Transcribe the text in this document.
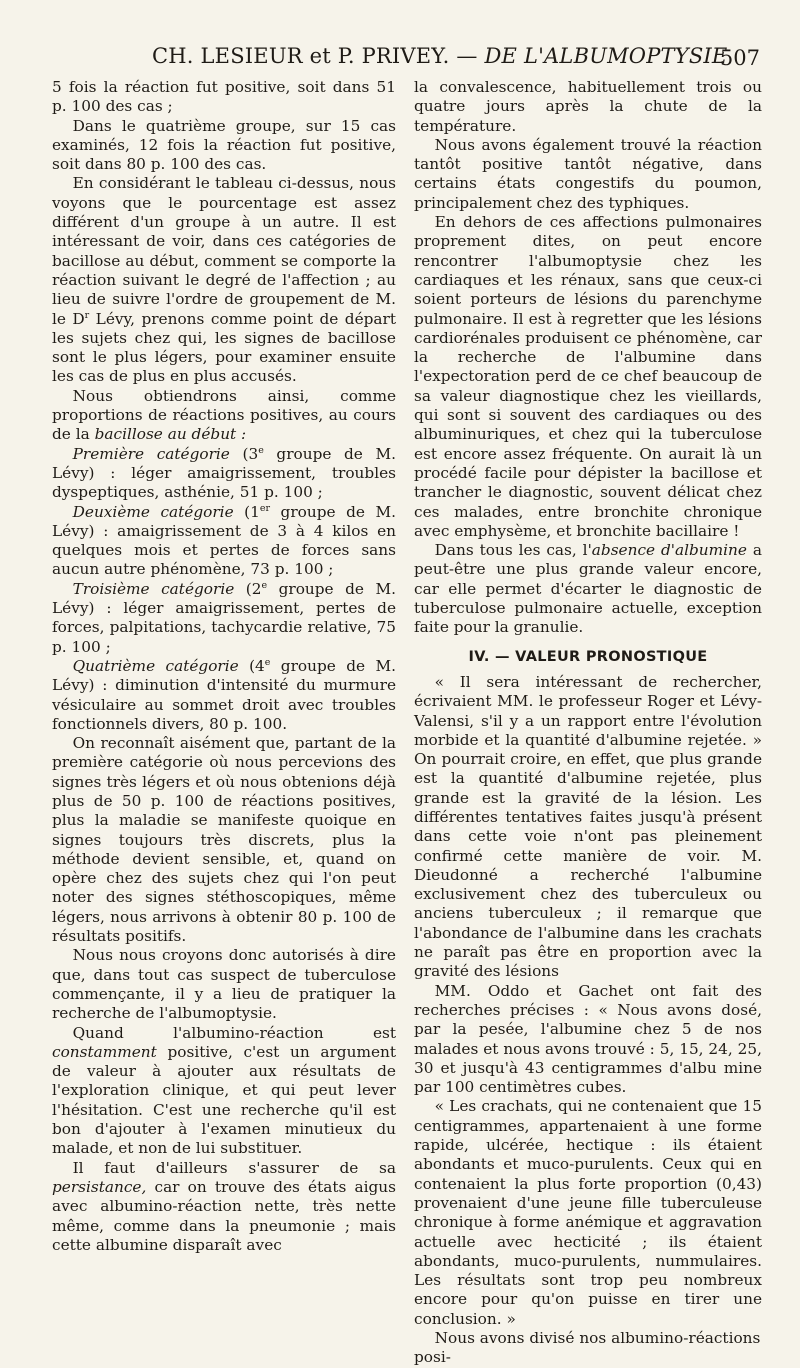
CH. LESIEUR et P. PRIVEY. — DE L'ALBUMOPTYSIE
507

5 fois la réaction fut positive, soit dans 51 p. 100 des cas ;

Dans le quatrième groupe, sur 15 cas examinés, 12 fois la réaction fut positive, soit dans 80 p. 100 des cas.

En considérant le tableau ci-dessus, nous voyons que le pourcentage est assez différent d'un groupe à un autre. Il est intéressant de voir, dans ces catégories de bacillose au début, comment se comporte la réaction suivant le degré de l'affection ; au lieu de suivre l'ordre de groupement de M. le $D^r$ Lévy, prenons comme point de départ les sujets chez qui, les signes de bacillose sont le plus légers, pour examiner ensuite les cas de plus en plus accusés.

Nous obtiendrons ainsi, comme proportions de réactions positives, au cours de la bacillose au début :

Première catégorie (3e groupe de M. Lévy) : léger amaigrissement, troubles dyspeptiques, asthénie, 51 p. 100 ;

Deuxième catégorie (1er groupe de M. Lévy) : amaigrissement de 3 à 4 kilos en quelques mois et pertes de forces sans aucun autre phénomène, 73 p. 100 ;

Troisième catégorie (2e groupe de M. Lévy) : léger amaigrissement, pertes de forces, palpitations, tachycardie relative, 75 p. 100 ;

Quatrième catégorie (4e groupe de M. Lévy) : diminution d'intensité du murmure vésiculaire au sommet droit avec troubles fonctionnels divers, 80 p. 100.

On reconnaît aisément que, partant de la première catégorie où nous percevions des signes très légers et où nous obtenions déjà plus de 50 p. 100 de réactions positives, plus la maladie se manifeste quoique en signes toujours très discrets, plus la méthode devient sensible, et, quand on opère chez des sujets chez qui l'on peut noter des signes stéthoscopiques, même légers, nous arrivons à obtenir 80 p. 100 de résultats positifs.

Nous nous croyons donc autorisés à dire que, dans tout cas suspect de tuberculose commençante, il y a lieu de pratiquer la recherche de l'albumoptysie.

Quand l'albumino-réaction est constamment positive, c'est un argument de valeur à ajouter aux résultats de l'exploration clinique, et qui peut lever l'hésitation. C'est une recherche qu'il est bon d'ajouter à l'examen minutieux du malade, et non de lui substituer.

Il faut d'ailleurs s'assurer de sa persistance, car on trouve des états aigus avec albumino-réaction nette, très nette même, comme dans la pneumonie ; mais cette albumine disparaît avec

la convalescence, habituellement trois ou quatre jours après la chute de la température.

Nous avons également trouvé la réaction tantôt positive tantôt négative, dans certains états congestifs du poumon, principalement chez des typhiques.

En dehors de ces affections pulmonaires proprement dites, on peut encore rencontrer l'albumoptysie chez les cardiaques et les rénaux, sans que ceux-ci soient porteurs de lésions du parenchyme pulmonaire. Il est à regretter que les lésions cardiorénales produisent ce phénomène, car la recherche de l'albumine dans l'expectoration perd de ce chef beaucoup de sa valeur diagnostique chez les vieillards, qui sont si souvent des cardiaques ou des albuminuriques, et chez qui la tuberculose est encore assez fréquente. On aurait là un procédé facile pour dépister la bacillose et trancher le diagnostic, souvent délicat chez ces malades, entre bronchite chronique avec emphysème, et bronchite bacillaire !

Dans tous les cas, l'absence d'albumine a peut-être une plus grande valeur encore, car elle permet d'écarter le diagnostic de tuberculose pulmonaire actuelle, exception faite pour la granulie.

IV. — VALEUR PRONOSTIQUE

« Il sera intéressant de rechercher, écrivaient MM. le professeur Roger et Lévy-Valensi, s'il y a un rapport entre l'évolution morbide et la quantité d'albumine rejetée. » On pourrait croire, en effet, que plus grande est la quantité d'albumine rejetée, plus grande est la gravité de la lésion. Les différentes tentatives faites jusqu'à présent dans cette voie n'ont pas pleinement confirmé cette manière de voir. M. Dieudonné a recherché l'albumine exclusivement chez des tuberculeux ou anciens tuberculeux ; il remarque que l'abondance de l'albumine dans les crachats ne paraît pas être en proportion avec la gravité des lésions

MM. Oddo et Gachet ont fait des recherches précises : « Nous avons dosé, par la pesée, l'albumine chez 5 de nos malades et nous avons trouvé : 5, 15, 24, 25, 30 et jusqu'à 43 centigrammes d'albu mine par 100 centimètres cubes.

« Les crachats, qui ne contenaient que 15 centigrammes, appartenaient à une forme rapide, ulcérée, hectique : ils étaient abondants et muco-purulents. Ceux qui en contenaient la plus forte proportion (0,43) provenaient d'une jeune fille tuberculeuse chronique à forme anémique et aggravation actuelle avec hecticité ; ils étaient abondants, muco-purulents, nummulaires. Les résultats sont trop peu nombreux encore pour qu'on puisse en tirer une conclusion. »

Nous avons divisé nos albumino-réactions posi-
